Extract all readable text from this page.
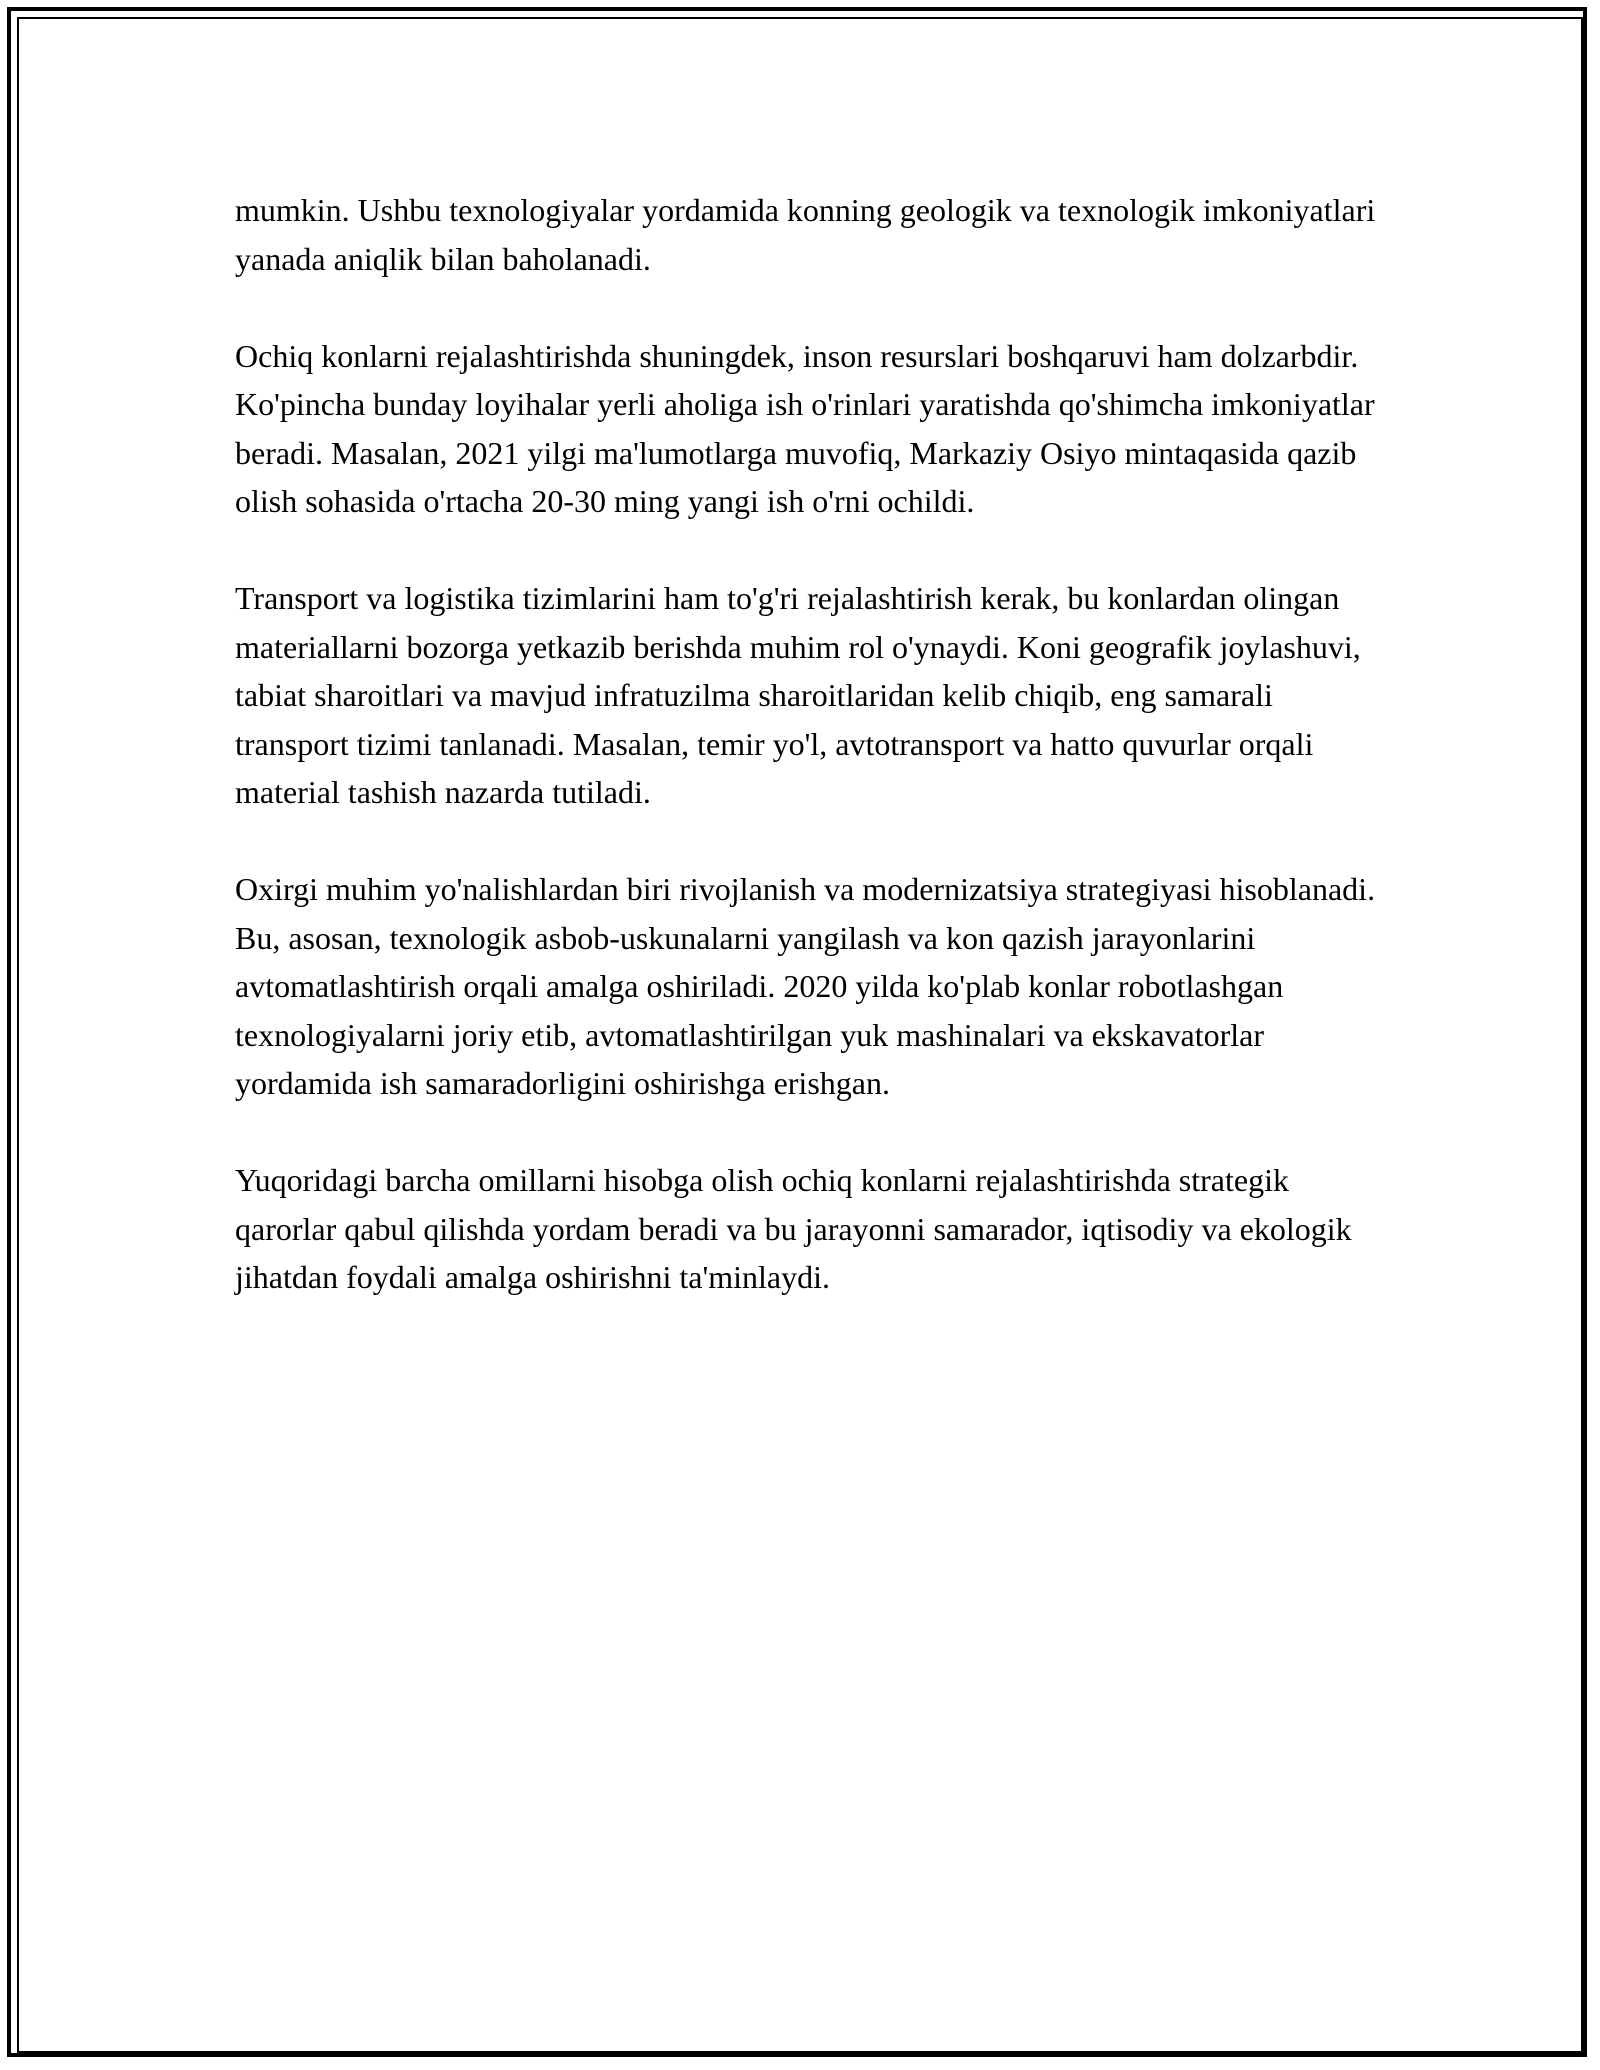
mumkin. Ushbu texnologiyalar yordamida konning geologik va texnologik imkoniyatlari yanada aniqlik bilan baholanadi.

Ochiq konlarni rejalashtirishda shuningdek, inson resurslari boshqaruvi ham dolzarbdir. Ko'pincha bunday loyihalar yerli aholiga ish o'rinlari yaratishda qo'shimcha imkoniyatlar beradi. Masalan, 2021 yilgi ma'lumotlarga muvofiq, Markaziy Osiyo mintaqasida qazib olish sohasida o'rtacha 20-30 ming yangi ish o'rni ochildi.

Transport va logistika tizimlarini ham to'g'ri rejalashtirish kerak, bu konlardan olingan materiallarni bozorga yetkazib berishda muhim rol o'ynaydi. Koni geografik joylashuvi, tabiat sharoitlari va mavjud infratuzilma sharoitlaridan kelib chiqib, eng samarali transport tizimi tanlanadi. Masalan, temir yo'l, avtotransport va hatto quvurlar orqali material tashish nazarda tutiladi.

Oxirgi muhim yo'nalishlardan biri rivojlanish va modernizatsiya strategiyasi hisoblanadi. Bu, asosan, texnologik asbob-uskunalarni yangilash va kon qazish jarayonlarini avtomatlashtirish orqali amalga oshiriladi. 2020 yilda ko'plab konlar robotlashgan texnologiyalarni joriy etib, avtomatlashtirilgan yuk mashinalari va ekskavatorlar yordamida ish samaradorligini oshirishga erishgan.

Yuqoridagi barcha omillarni hisobga olish ochiq konlarni rejalashtirishda strategik qarorlar qabul qilishda yordam beradi va bu jarayonni samarador, iqtisodiy va ekologik jihatdan foydali amalga oshirishni ta'minlaydi.
